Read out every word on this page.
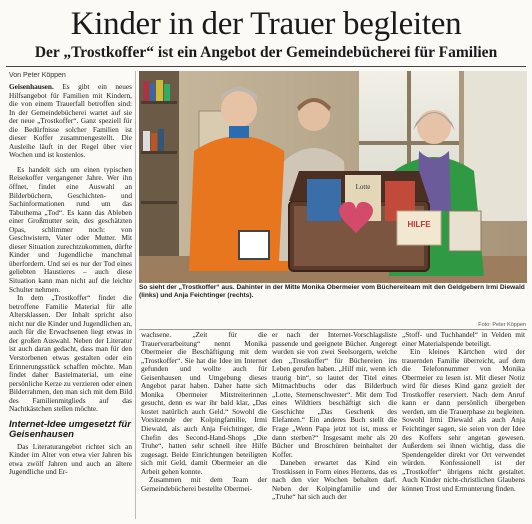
Kinder in der Trauer begleiten
Der „Trostkoffer“ ist ein Angebot der Gemeindebücherei für Familien
Von Peter Köppen

Geisenhausen. Es gibt ein neues Hilfsangebot für Familien mit Kindern, die von einem Trauerfall betroffen sind: In der Gemeindebücherei wartet auf sie der neue „Trostkoffer“. Ganz speziell für die Bedürfnisse solcher Familien ist dieser Koffer zusammengestellt. Die Ausleihe läuft in der Regel über vier Wochen und ist kostenlos.

Es handelt sich um einen typischen Reisekoffer vergangener Jahre. Wer ihn öffnet, findet eine Auswahl an Bilderbüchern, Geschichten- und Sachinformationen rund um das Tabuthema „Tod“. Es kann das Ableben einer Großmutter sein, des geschätzten Opas, schlimmer noch: von Geschwistern, Vater oder Mutter. Mit dieser Situation zurechtzukommen, dürfte Kinder und Jugendliche manchmal überfordern. Und sei es nur der Tod eines geliebten Haustieres – auch diese Situation kann man nicht auf die leichte Schulter nehmen.

In dem „Trostkoffer“ findet die betroffene Familie Material für alle Altersklassen. Der Inhalt spricht also nicht nur die Kinder und Jugendlichen an, auch für die Erwachsenen liegt etwas in der großen Auswahl. Neben der Literatur ist auch daran gedacht, dass man für den Verstorbenen etwas gestalten oder ein Erinnerungsstück schaffen möchte. Man findet daher Bastelmaterial, um eine persönliche Kerze zu verzieren oder einen Bilderrahmen, den man sich mit dem Bild des Familienmitglieds auf das Nachtkästchen stellen möchte.

Internet-Idee umgesetzt für Geisenhausen

Das Literaturangebot richtet sich an Kinder im Alter von etwa vier Jahren bis etwa zwölf Jahren und auch an ältere Jugendliche und Er-

Lotte
HILFE
So sieht der „Trostkoffer“ aus. Dahinter in der Mitte Monika Obermeier vom Büchereiteam mit den Geldgebern Irmi Diewald (links) und Anja Feichtinger (rechts).
Foto: Peter Köppen

wachsene. „Zeit für die Trauerverarbeitung“ nennt Monika Obermeier die Beschäftigung mit dem „Trostkoffer“. Sie hat die Idee im Internet gefunden und wollte auch für Geisenhausen und Umgebung dieses Angebot parat haben. Daher hatte sich Monika Obermeier Mitstreiterinnen gesucht, denn es war ihr bald klar, „Das kostet natürlich auch Geld.“ Sowohl die Vorsitzende der Kolpingfamilie, Irmi Diewald, als auch Anja Feichtinger, die Chefin des Second-Hand-Shops „Die Truhe“, hatten sehr schnell ihre Hilfe zugesagt. Beide Einrichtungen beteiligten sich mit Geld, damit Obermeier an die Arbeit gehen konnte.

Zusammen mit dem Team der Gemeindebücherei bestellte Obermei-

er nach der Internet-Vorschlagsliste passende und geeignete Bücher. Angeregt wurden sie von zwei Seelsorgern, welche den „Trostkoffer“ für Büchereien ins Leben gerufen haben. „Hilf mir, wenn ich traurig bin“, so lautet der Titel eines Mitmachbuchs oder das Bilderbuch „Lotte, Sternenschwester“. Mit dem Tod eines Wildtiers beschäftigt sich die Geschichte „Das Geschenk des Elefanten.“ Ein anderes Buch stellt die Frage „Wenn Papa jetzt tot ist, muss er dann sterben?“ Insgesamt mehr als 20 Bücher und Broschüren beinhaltet der Koffer.

Daneben erwartet das Kind ein Trostkissen in Form eines Herzens, das es nach den vier Wochen behalten darf. Neben der Kolpingfamilie und der „Truhe“ hat sich auch der

„Stoff- und Tuchhandel“ in Velden mit einer Materialspende beteiligt.

Ein kleines Kärtchen wird der trauernden Familie überreicht, auf dem die Telefonnummer von Monika Obermeier zu lesen ist. Mit dieser Notiz wird für dieses Kind ganz gezielt der Trostkoffer reserviert. Nach dem Anruf kann er dann persönlich übergeben werden, um die Trauerphase zu begleiten. Sowohl Irmi Diewald als auch Anja Feichtinger sagen, sie seien von der Idee des Koffers sehr angetan gewesen. Außerdem sei ihnen wichtig, dass die Spendengelder direkt vor Ort verwendet würden. Konfessionell ist der „Trostkoffer“ übrigens nicht gestaltet. Auch Kinder nicht-christlichen Glaubens können Trost und Ermunterung finden.
